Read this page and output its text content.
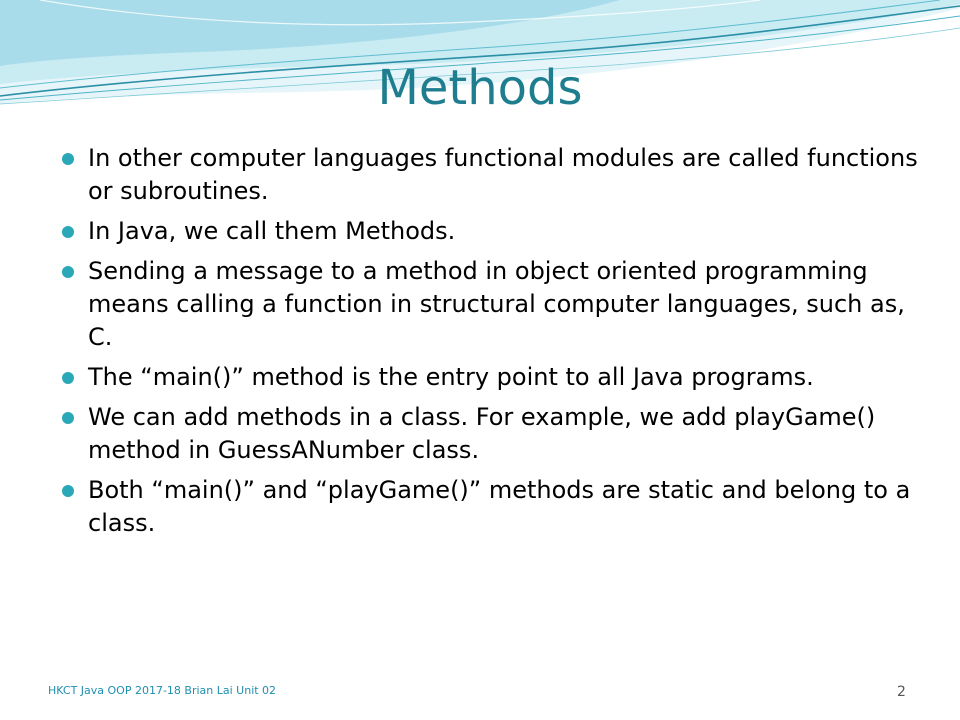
Methods
In other computer languages functional modules are called functions or subroutines.
In Java, we call them Methods.
Sending a message to a method in object oriented programming means calling a function in structural computer languages, such as, C.
The “main()” method is the entry point to all Java programs.
We can add methods in a class. For example, we add playGame() method in GuessANumber class.
Both “main()” and “playGame()” methods are static and belong to a class.
HKCT Java OOP 2017-18 Brian Lai Unit 02	2
